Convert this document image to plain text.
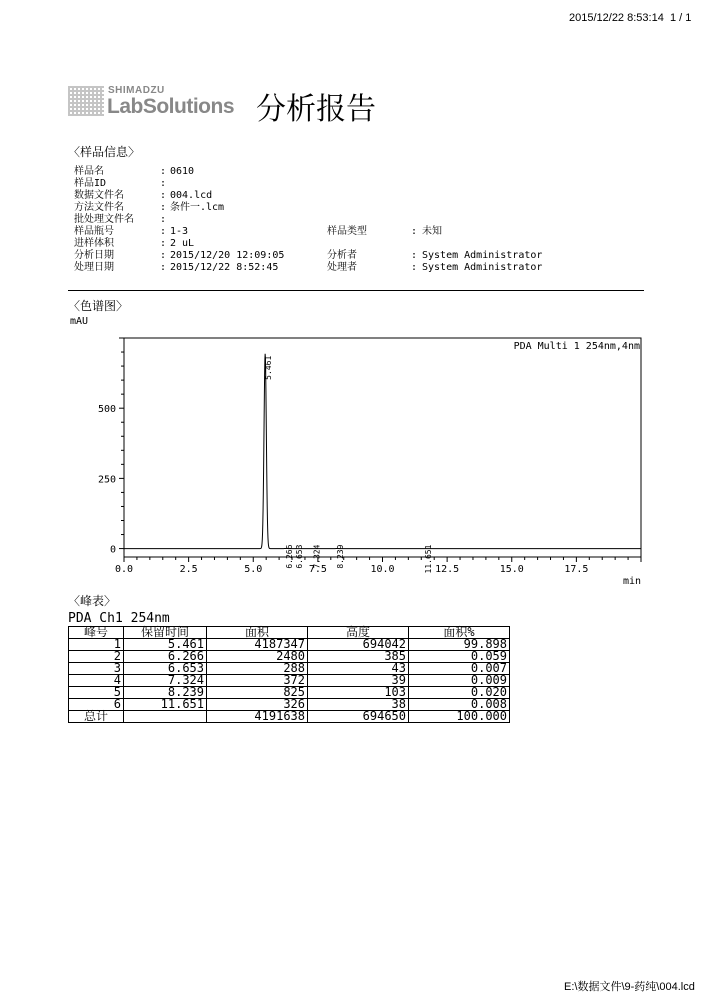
2015/12/22 8:53:14 1 / 1
SHIMADZU
LabSolutions 分析报告
〈样品信息〉
样品名	: 0610
样品ID	:
数据文件名	: 004.lcd
方法文件名	: 条件一.lcm
批处理文件名	:
样品瓶号	: 1-3
进样体积	: 2 uL
分析日期	: 2015/12/20 12:09:05
处理日期	: 2015/12/22 8:52:45
样品类型	: 未知
分析者	: System Administrator
处理者	: System Administrator
〈色谱图〉
mAU
0.0	2.5	5.0	7.5	10.0	12.5	15.0	17.5
0
250
500
min
PDA Multi 1 254nm,4nm
5.461
6.266 6.653 7.324 8.239	11.651
〈峰表〉
PDA Ch1 254nm
峰号	保留时间	面积	高度	面积%
1	5.461	4187347	694042	99.898
2	6.266	2480	385	0.059
3	6.653	288	43	0.007
4	7.324	372	39	0.009
5	8.239	825	103	0.020
6	11.651	326	38	0.008
总计		4191638	694650	100.000
E:\数据文件\9-药纯\004.lcd
